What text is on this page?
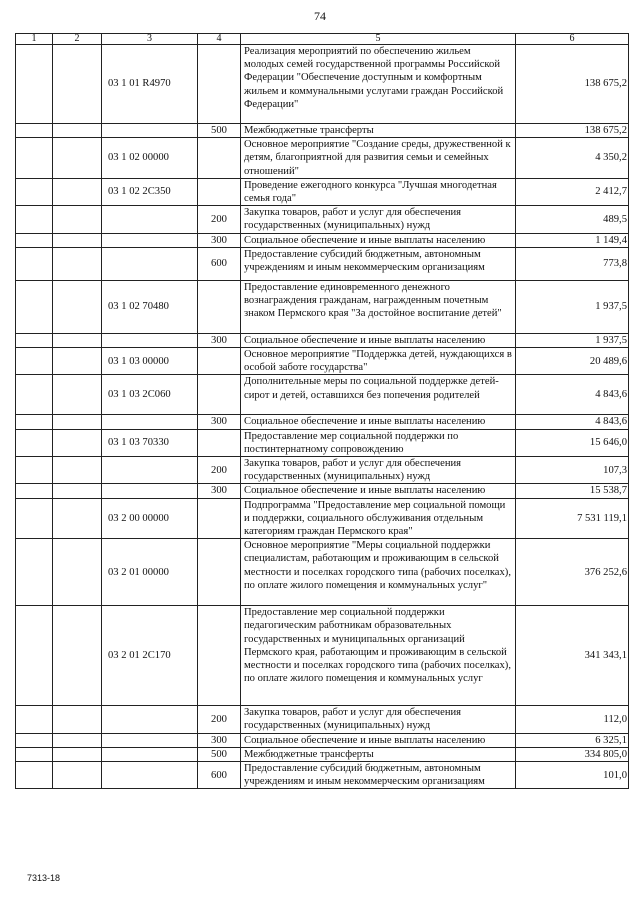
74
1	2	3	4	5	6
		03 1 01 R4970		Реализация мероприятий по обеспечению жильем молодых семей государственной программы Российской Федерации "Обеспечение доступным и комфортным жильем и коммунальными услугами граждан Российской Федерации"	138 675,2
			500	Межбюджетные трансферты	138 675,2
		03 1 02 00000		Основное мероприятие "Создание среды, дружественной к детям, благоприятной для развития семьи и семейных отношений"	4 350,2
		03 1 02 2С350		Проведение ежегодного конкурса "Лучшая многодетная семья года"	2 412,7
			200	Закупка товаров, работ и услуг для обеспечения государственных (муниципальных) нужд	489,5
			300	Социальное обеспечение и иные выплаты населению	1 149,4
			600	Предоставление субсидий бюджетным, автономным учреждениям и иным некоммерческим организациям	773,8
		03 1 02 70480		Предоставление единовременного денежного вознаграждения гражданам, награжденным почетным знаком Пермского края "За достойное воспитание детей"	1 937,5
			300	Социальное обеспечение и иные выплаты населению	1 937,5
		03 1 03 00000		Основное мероприятие "Поддержка детей, нуждающихся в особой заботе государства"	20 489,6
		03 1 03 2С060		Дополнительные меры по социальной поддержке детей-сирот и детей, оставшихся без попечения родителей	4 843,6
			300	Социальное обеспечение и иные выплаты населению	4 843,6
		03 1 03 70330		Предоставление мер социальной поддержки по постинтернатному сопровождению	15 646,0
			200	Закупка товаров, работ и услуг для обеспечения государственных (муниципальных) нужд	107,3
			300	Социальное обеспечение и иные выплаты населению	15 538,7
		03 2 00 00000		Подпрограмма "Предоставление мер социальной помощи и поддержки, социального обслуживания отдельным категориям граждан Пермского края"	7 531 119,1
		03 2 01 00000		Основное мероприятие "Меры социальной поддержки специалистам, работающим и проживающим в сельской местности и поселках городского типа (рабочих поселках), по оплате жилого помещения и коммунальных услуг"	376 252,6
		03 2 01 2С170		Предоставление мер социальной поддержки педагогическим работникам образовательных государственных и муниципальных организаций Пермского края, работающим и проживающим в сельской местности и поселках городского типа (рабочих поселках), по оплате жилого помещения и коммунальных услуг	341 343,1
			200	Закупка товаров, работ и услуг для обеспечения государственных (муниципальных) нужд	112,0
			300	Социальное обеспечение и иные выплаты населению	6 325,1
			500	Межбюджетные трансферты	334 805,0
			600	Предоставление субсидий бюджетным, автономным учреждениям и иным некоммерческим организациям	101,0
7313-18
